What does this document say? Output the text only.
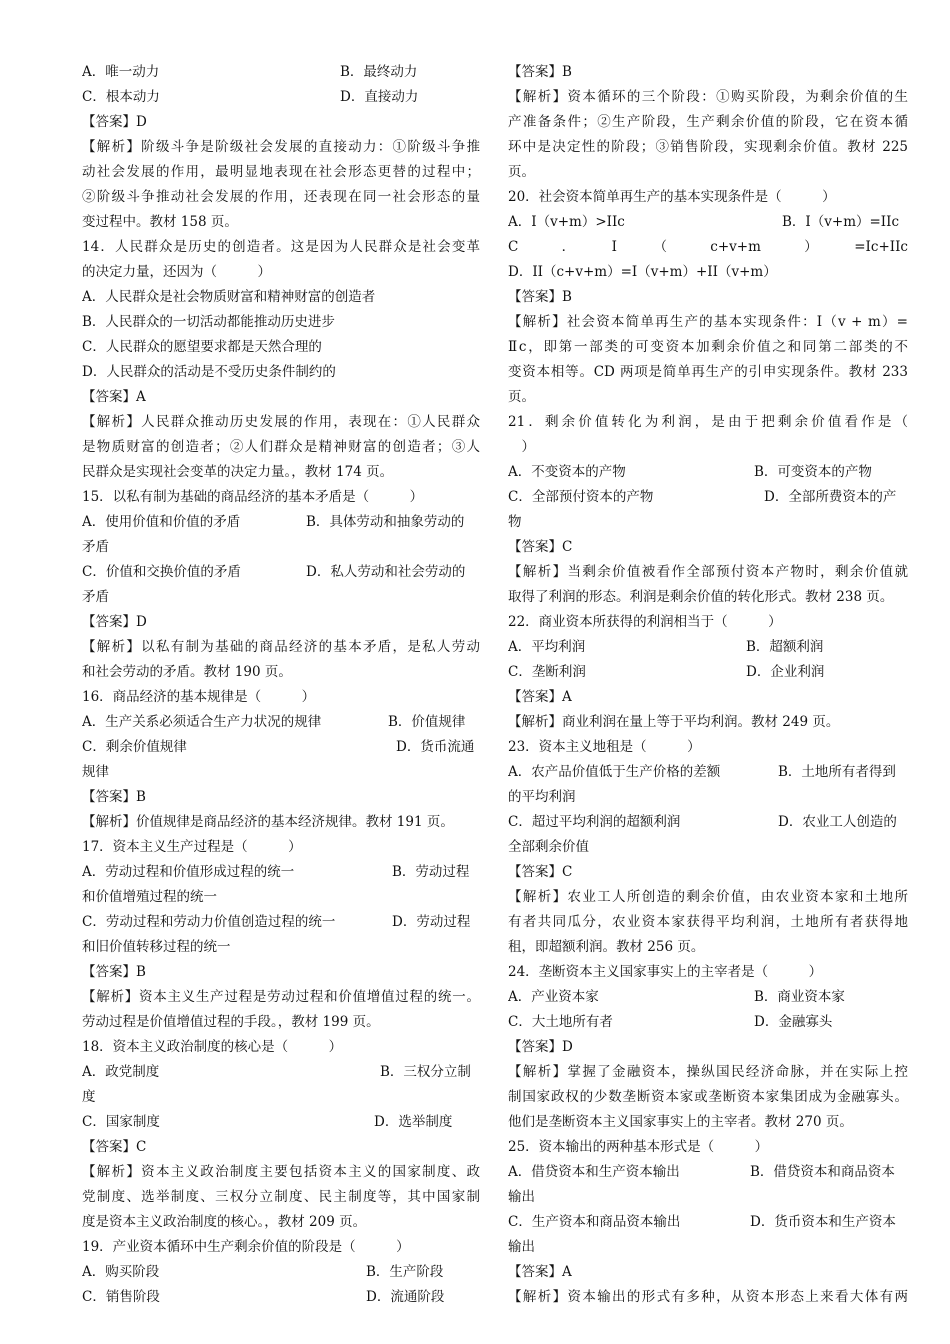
A．唯一动力	B．最终动力
C．根本动力	D．直接动力
【答案】D
【解析】阶级斗争是阶级社会发展的直接动力：①阶级斗争推
动社会发展的作用，最明显地表现在社会形态更替的过程中；
②阶级斗争推动社会发展的作用，还表现在同一社会形态的量
变过程中。教材 158 页。
14．人民群众是历史的创造者。这是因为人民群众是社会变革
的决定力量，还因为（　　　）
A．人民群众是社会物质财富和精神财富的创造者
B．人民群众的一切活动都能推动历史进步
C．人民群众的愿望要求都是天然合理的
D．人民群众的活动是不受历史条件制约的
【答案】A
【解析】人民群众推动历史发展的作用，表现在：①人民群众
是物质财富的创造者；②人们群众是精神财富的创造者；③人
民群众是实现社会变革的决定力量。，教材 174 页。
15．以私有制为基础的商品经济的基本矛盾是（　　　）
A．使用价值和价值的矛盾	B．具体劳动和抽象劳动的
矛盾
C．价值和交换价值的矛盾	D．私人劳动和社会劳动的
矛盾
【答案】D
【解析】以私有制为基础的商品经济的基本矛盾，是私人劳动
和社会劳动的矛盾。教材 190 页。
16．商品经济的基本规律是（　　　）
A．生产关系必须适合生产力状况的规律	B．价值规律
C．剩余价值规律	D．货币流通
规律
【答案】B
【解析】价值规律是商品经济的基本经济规律。教材 191 页。
17．资本主义生产过程是（　　　）
A．劳动过程和价值形成过程的统一	B．劳动过程
和价值增殖过程的统一
C．劳动过程和劳动力价值创造过程的统一	D．劳动过程
和旧价值转移过程的统一
【答案】B
【解析】资本主义生产过程是劳动过程和价值增值过程的统一。
劳动过程是价值增值过程的手段。，教材 199 页。
18．资本主义政治制度的核心是（　　　）
A．政党制度	B．三权分立制
度
C．国家制度	D．选举制度
【答案】C
【解析】资本主义政治制度主要包括资本主义的国家制度、政
党制度、选举制度、三权分立制度、民主制度等，其中国家制
度是资本主义政治制度的核心。，教材 209 页。
19．产业资本循环中生产剩余价值的阶段是（　　　）
A．购买阶段	B．生产阶段
C．销售阶段	D．流通阶段
【答案】B
【解析】资本循环的三个阶段：①购买阶段，为剩余价值的生
产准备条件；②生产阶段，生产剩余价值的阶段，它在资本循
环中是决定性的阶段；③销售阶段，实现剩余价值。教材 225
页。
20．社会资本简单再生产的基本实现条件是（　　　）
A．Ⅰ（v+m）>IIc	B．Ⅰ（v+m）=IIc
C　　　．　　　Ⅰ　　　（　　　c+v+m　　　）　　　=Ic+IIc
D．II（c+v+m）=Ⅰ（v+m）+II（v+m）
【答案】B
【解析】社会资本简单再生产的基本实现条件：Ⅰ（v + m）=
Ⅱc，即第一部类的可变资本加剩余价值之和同第二部类的不
变资本相等。CD 两项是简单再生产的引申实现条件。教材 233
页。
21．剩余价值转化为利润，是由于把剩余价值看作是（
　）
A．不变资本的产物	B．可变资本的产物
C．全部预付资本的产物	D．全部所费资本的产
物
【答案】C
【解析】当剩余价值被看作全部预付资本产物时，剩余价值就
取得了利润的形态。利润是剩余价值的转化形式。教材 238 页。
22．商业资本所获得的利润相当于（　　　）
A．平均利润	B．超额利润
C．垄断利润	D．企业利润
【答案】A
【解析】商业利润在量上等于平均利润。教材 249 页。
23．资本主义地租是（　　　）
A．农产品价值低于生产价格的差额	B．土地所有者得到
的平均利润
C．超过平均利润的超额利润	D．农业工人创造的
全部剩余价值
【答案】C
【解析】农业工人所创造的剩余价值，由农业资本家和土地所
有者共同瓜分，农业资本家获得平均利润，土地所有者获得地
租，即超额利润。教材 256 页。
24．垄断资本主义国家事实上的主宰者是（　　　）
A．产业资本家	B．商业资本家
C．大土地所有者	D．金融寡头
【答案】D
【解析】掌握了金融资本，操纵国民经济命脉，并在实际上控
制国家政权的少数垄断资本家或垄断资本家集团成为金融寡头。
他们是垄断资本主义国家事实上的主宰者。教材 270 页。
25．资本输出的两种基本形式是（　　　）
A．借贷资本和生产资本输出	B．借贷资本和商品资本
输出
C．生产资本和商品资本输出	D．货币资本和生产资本
输出
【答案】A
【解析】资本输出的形式有多种，从资本形态上来看大体有两
